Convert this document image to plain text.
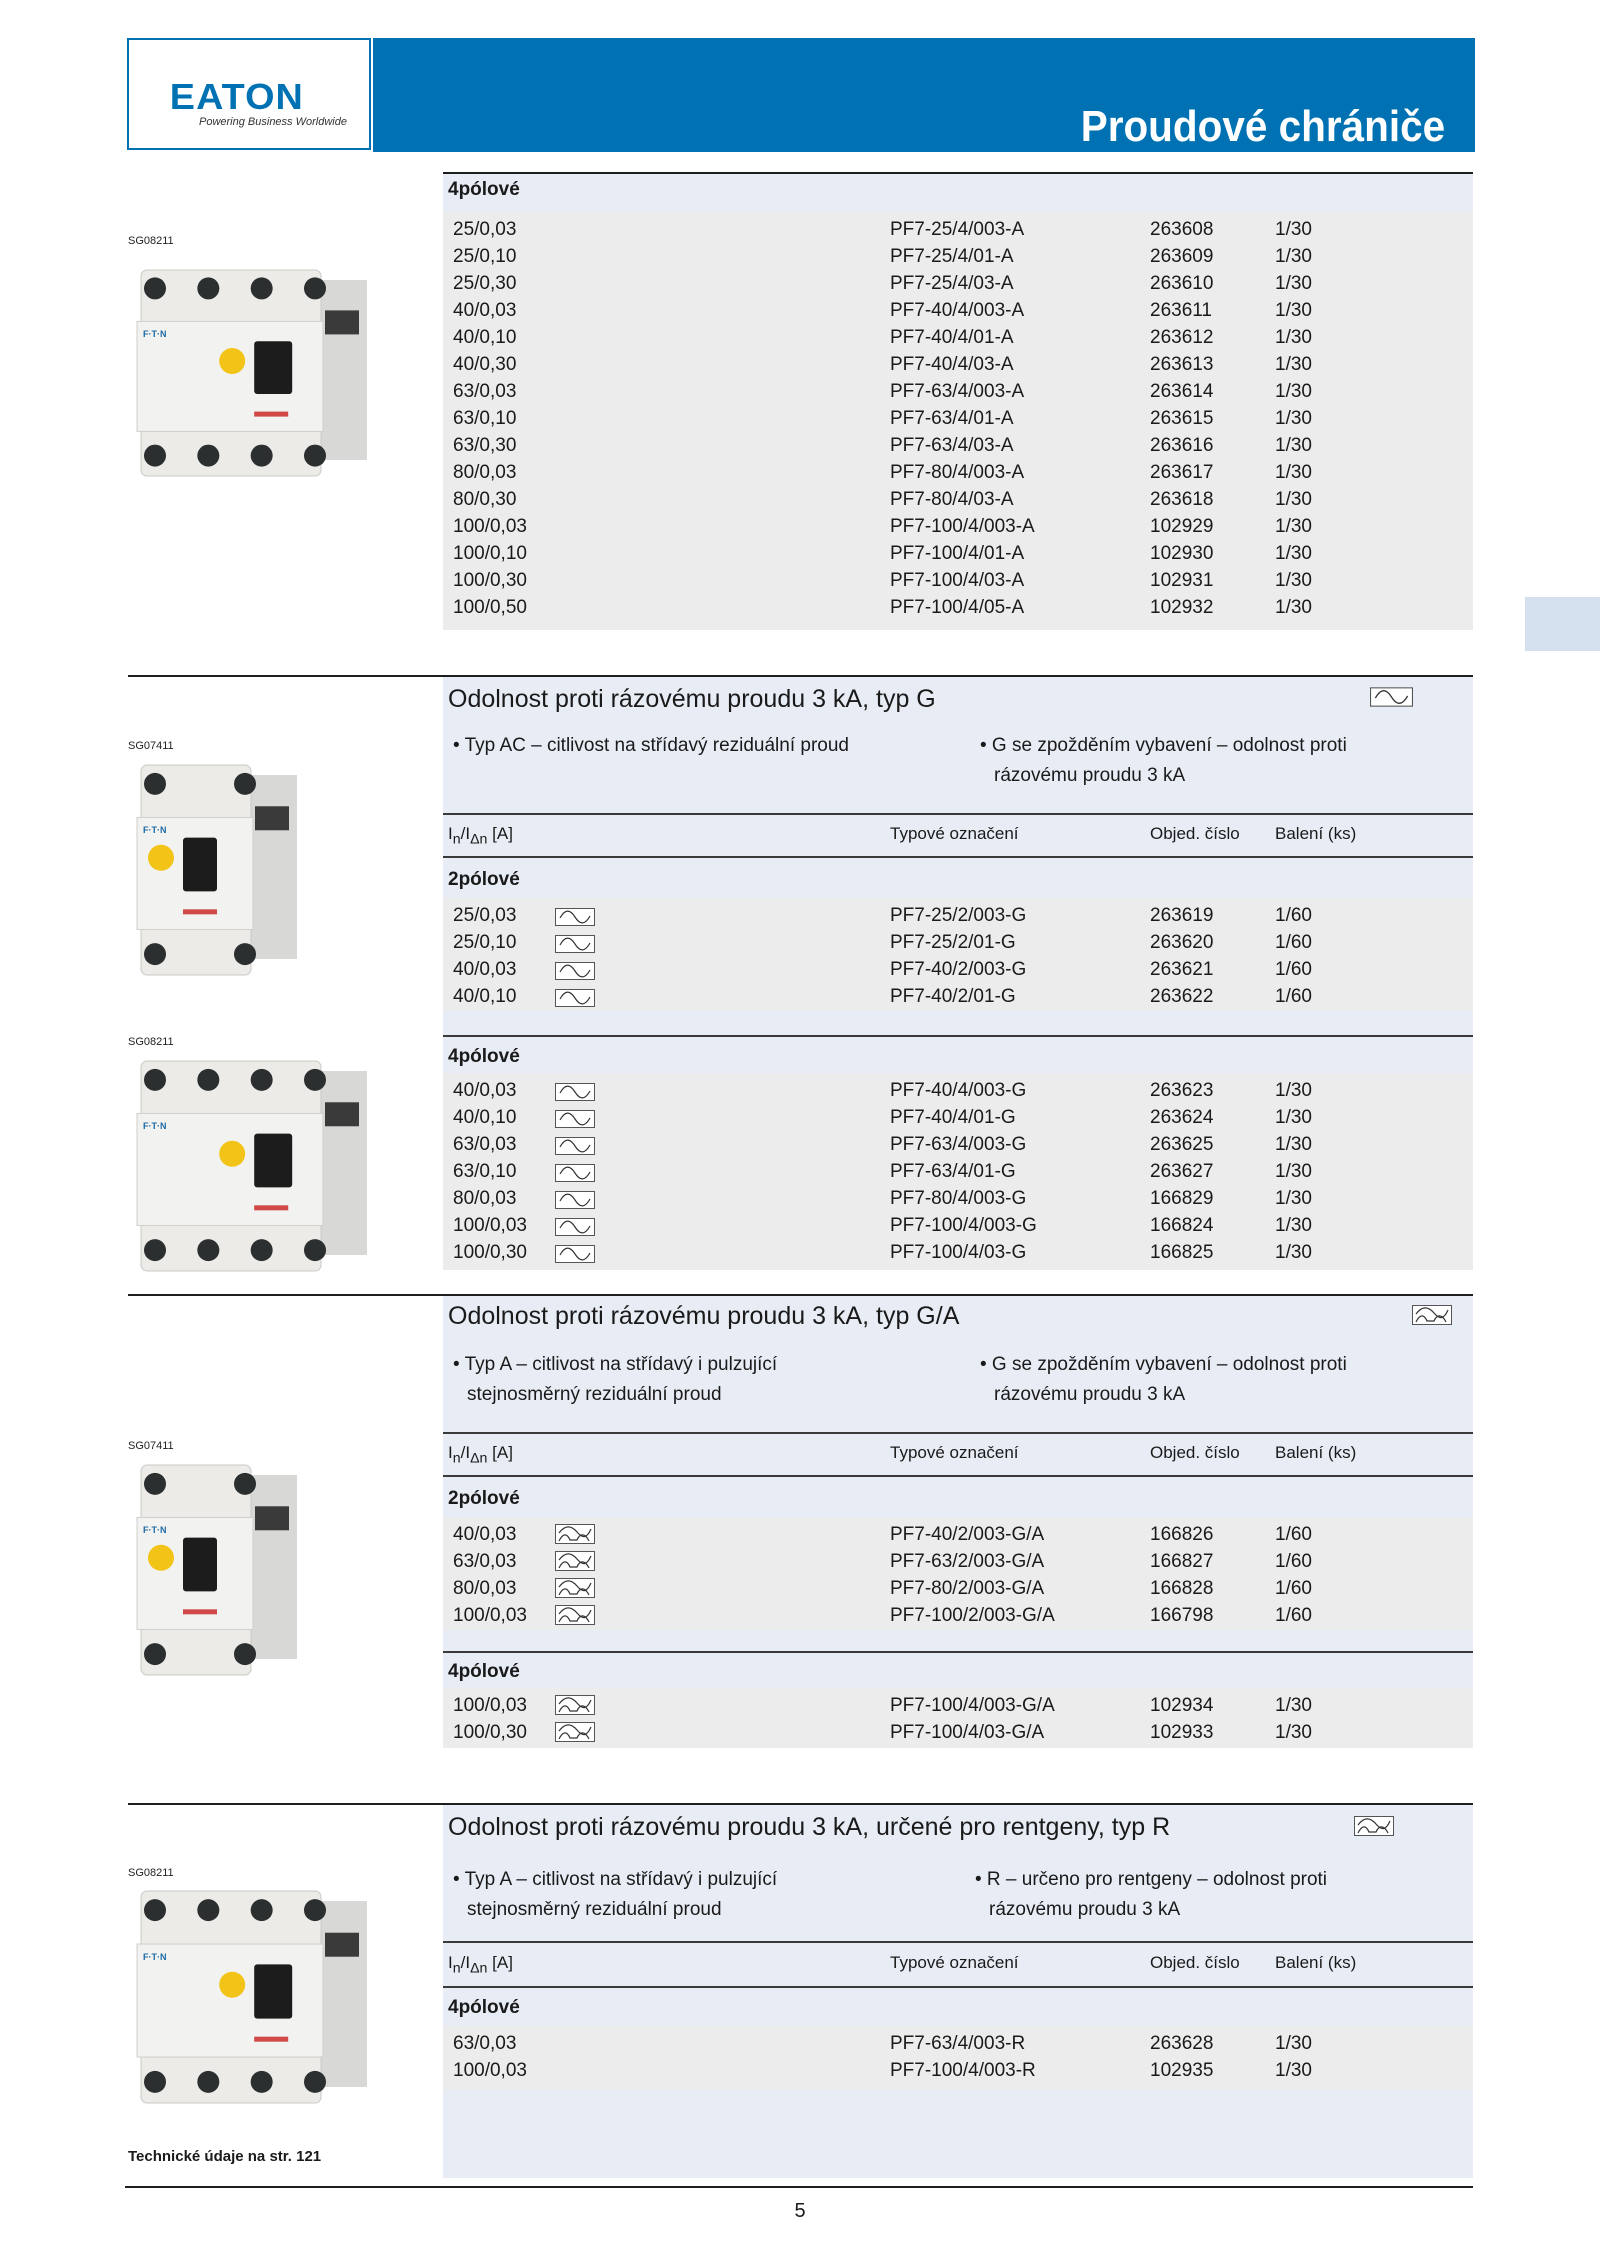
EATON
Powering Business Worldwide	Proudové chrániče
SG08211
F·T·N
SG07411
F·T·N
SG08211
F·T·N
SG07411
F·T·N
SG08211
F·T·N
4pólové
25/0,03	PF7-25/4/003-A	263608	1/30
25/0,10	PF7-25/4/01-A	263609	1/30
25/0,30	PF7-25/4/03-A	263610	1/30
40/0,03	PF7-40/4/003-A	263611	1/30
40/0,10	PF7-40/4/01-A	263612	1/30
40/0,30	PF7-40/4/03-A	263613	1/30
63/0,03	PF7-63/4/003-A	263614	1/30
63/0,10	PF7-63/4/01-A	263615	1/30
63/0,30	PF7-63/4/03-A	263616	1/30
80/0,03	PF7-80/4/003-A	263617	1/30
80/0,30	PF7-80/4/03-A	263618	1/30
100/0,03	PF7-100/4/003-A	102929	1/30
100/0,10	PF7-100/4/01-A	102930	1/30
100/0,30	PF7-100/4/03-A	102931	1/30
100/0,50	PF7-100/4/05-A	102932	1/30
Odolnost proti rázovému proudu 3 kA, typ G
• Typ AC – citlivost na střídavý reziduální proud	• G se zpožděním vybavení – odolnost proti
rázovému proudu 3 kA
$I_n/I_{\Delta n}$ [A]	Typové označení	Objed. číslo Balení (ks)
2pólové
25/0,03	PF7-25/2/003-G	263619	1/60
25/0,10	PF7-25/2/01-G	263620	1/60
40/0,03	PF7-40/2/003-G	263621	1/60
40/0,10	PF7-40/2/01-G	263622	1/60
4pólové
40/0,03	PF7-40/4/003-G	263623	1/30
40/0,10	PF7-40/4/01-G	263624	1/30
63/0,03	PF7-63/4/003-G	263625	1/30
63/0,10	PF7-63/4/01-G	263627	1/30
80/0,03	PF7-80/4/003-G	166829	1/30
100/0,03	PF7-100/4/003-G	166824	1/30
100/0,30	PF7-100/4/03-G	166825	1/30
Odolnost proti rázovému proudu 3 kA, typ G/A
• Typ A – citlivost na střídavý i pulzující
stejnosměrný reziduální proud
• G se zpožděním vybavení – odolnost proti
rázovému proudu 3 kA
$I_n/I_{\Delta n}$ [A]	Typové označení	Objed. číslo Balení (ks)
2pólové
40/0,03	PF7-40/2/003-G/A	166826	1/60
63/0,03	PF7-63/2/003-G/A	166827	1/60
80/0,03	PF7-80/2/003-G/A	166828	1/60
100/0,03	PF7-100/2/003-G/A	166798	1/60
4pólové
100/0,03	PF7-100/4/003-G/A	102934	1/30
100/0,30	PF7-100/4/03-G/A	102933	1/30
Odolnost proti rázovému proudu 3 kA, určené pro rentgeny, typ R
• Typ A – citlivost na střídavý i pulzující
stejnosměrný reziduální proud
• R – určeno pro rentgeny – odolnost proti
rázovému proudu 3 kA
$I_n/I_{\Delta n}$ [A]	Typové označení	Objed. číslo Balení (ks)
4pólové
63/0,03	PF7-63/4/003-R	263628	1/30
100/0,03	PF7-100/4/003-R	102935	1/30
Technické údaje na str. 121
5
